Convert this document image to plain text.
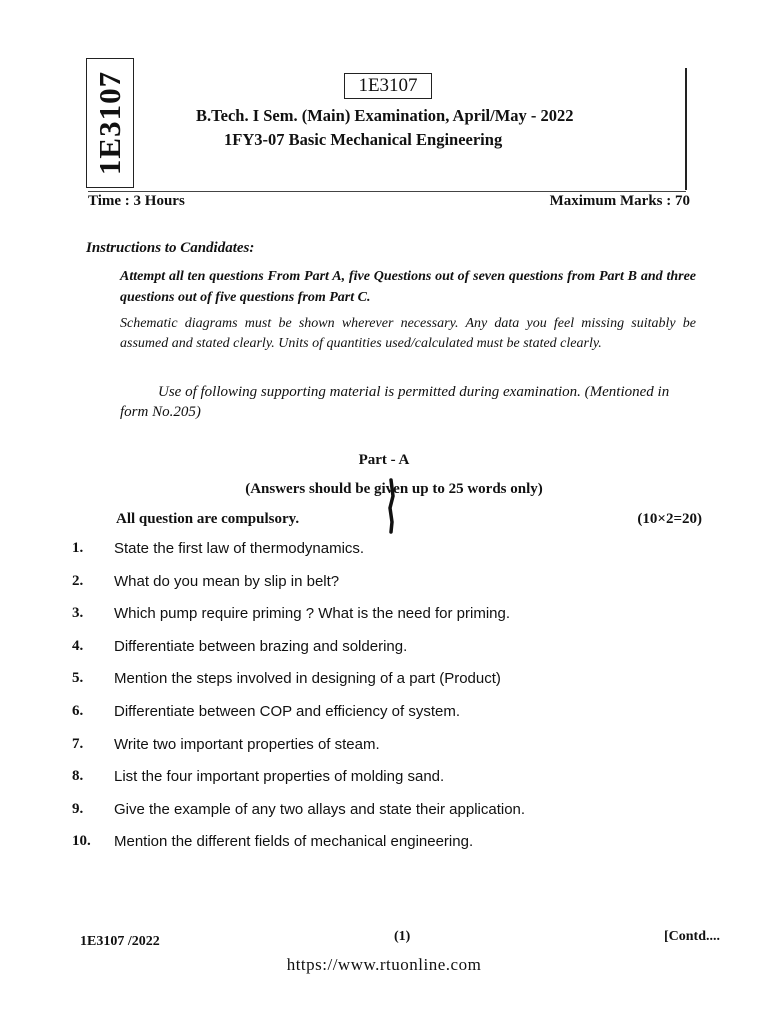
1E3107	1E3107
B.Tech. I Sem. (Main) Examination, April/May - 2022
1FY3-07 Basic Mechanical Engineering
Time : 3 Hours	Maximum Marks : 70
Instructions to Candidates:
Attempt all ten questions From Part A, five Questions out of seven questions from Part B and three questions out of five questions from Part C.
Schematic diagrams must be shown wherever necessary. Any data you feel missing suitably be assumed and stated clearly. Units of quantities used/calculated must be stated clearly.
Use of following supporting material is permitted during examination. (Mentioned in form No.205)
Part - A
(Answers should be given up to 25 words only)
All question are compulsory.	(10×2=20)
1.	State the first law of thermodynamics.
2.	What do you mean by slip in belt?
3.	Which pump require priming ? What is the need for priming.
4.	Differentiate between brazing and soldering.
5.	Mention the steps involved in designing of a part (Product)
6.	Differentiate between COP and efficiency of system.
7.	Write two important properties of steam.
8.	List the four important properties of molding sand.
9.	Give the example of any two allays and state their application.
10.	Mention the different fields of mechanical engineering.
1E3107 /2022	(1)	[Contd....
https://www.rtuonline.com
